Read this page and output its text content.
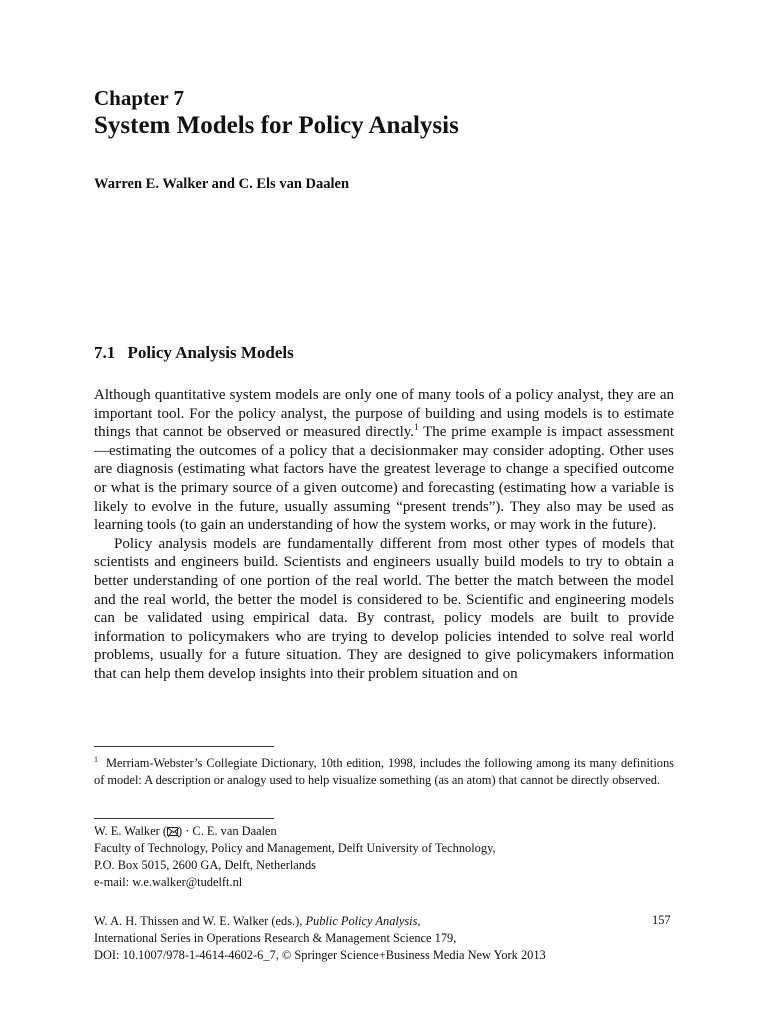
Chapter 7
System Models for Policy Analysis
Warren E. Walker and C. Els van Daalen
7.1 Policy Analysis Models

Although quantitative system models are only one of many tools of a policy analyst, they are an important tool. For the policy analyst, the purpose of building and using models is to estimate things that cannot be observed or measured directly.$^1$ The prime example is impact assessment—estimating the outcomes of a policy that a decisionmaker may consider adopting. Other uses are diagnosis (estimating what factors have the greatest leverage to change a specified outcome or what is the primary source of a given outcome) and forecasting (estimating how a variable is likely to evolve in the future, usually assuming “present trends”). They also may be used as learning tools (to gain an understanding of how the system works, or may work in the future).

Policy analysis models are fundamentally different from most other types of models that scientists and engineers build. Scientists and engineers usually build models to try to obtain a better understanding of one portion of the real world. The better the match between the model and the real world, the better the model is considered to be. Scientific and engineering models can be validated using empirical data. By contrast, policy models are built to provide information to policymakers who are trying to develop policies intended to solve real world problems, usually for a future situation. They are designed to give policymakers information that can help them develop insights into their problem situation and on

$^1$ Merriam-Webster’s Collegiate Dictionary, 10th edition, 1998, includes the following among its many definitions of model: A description or analogy used to help visualize something (as an atom) that cannot be directly observed.
W. E. Walker ( ) · C. E. van Daalen
Faculty of Technology, Policy and Management, Delft University of Technology,
P.O. Box 5015, 2600 GA, Delft, Netherlands
e-mail: w.e.walker@tudelft.nl
W. A. H. Thissen and W. E. Walker (eds.), Public Policy Analysis,
International Series in Operations Research & Management Science 179,
DOI: 10.1007/978-1-4614-4602-6_7, © Springer Science+Business Media New York 2013
157
